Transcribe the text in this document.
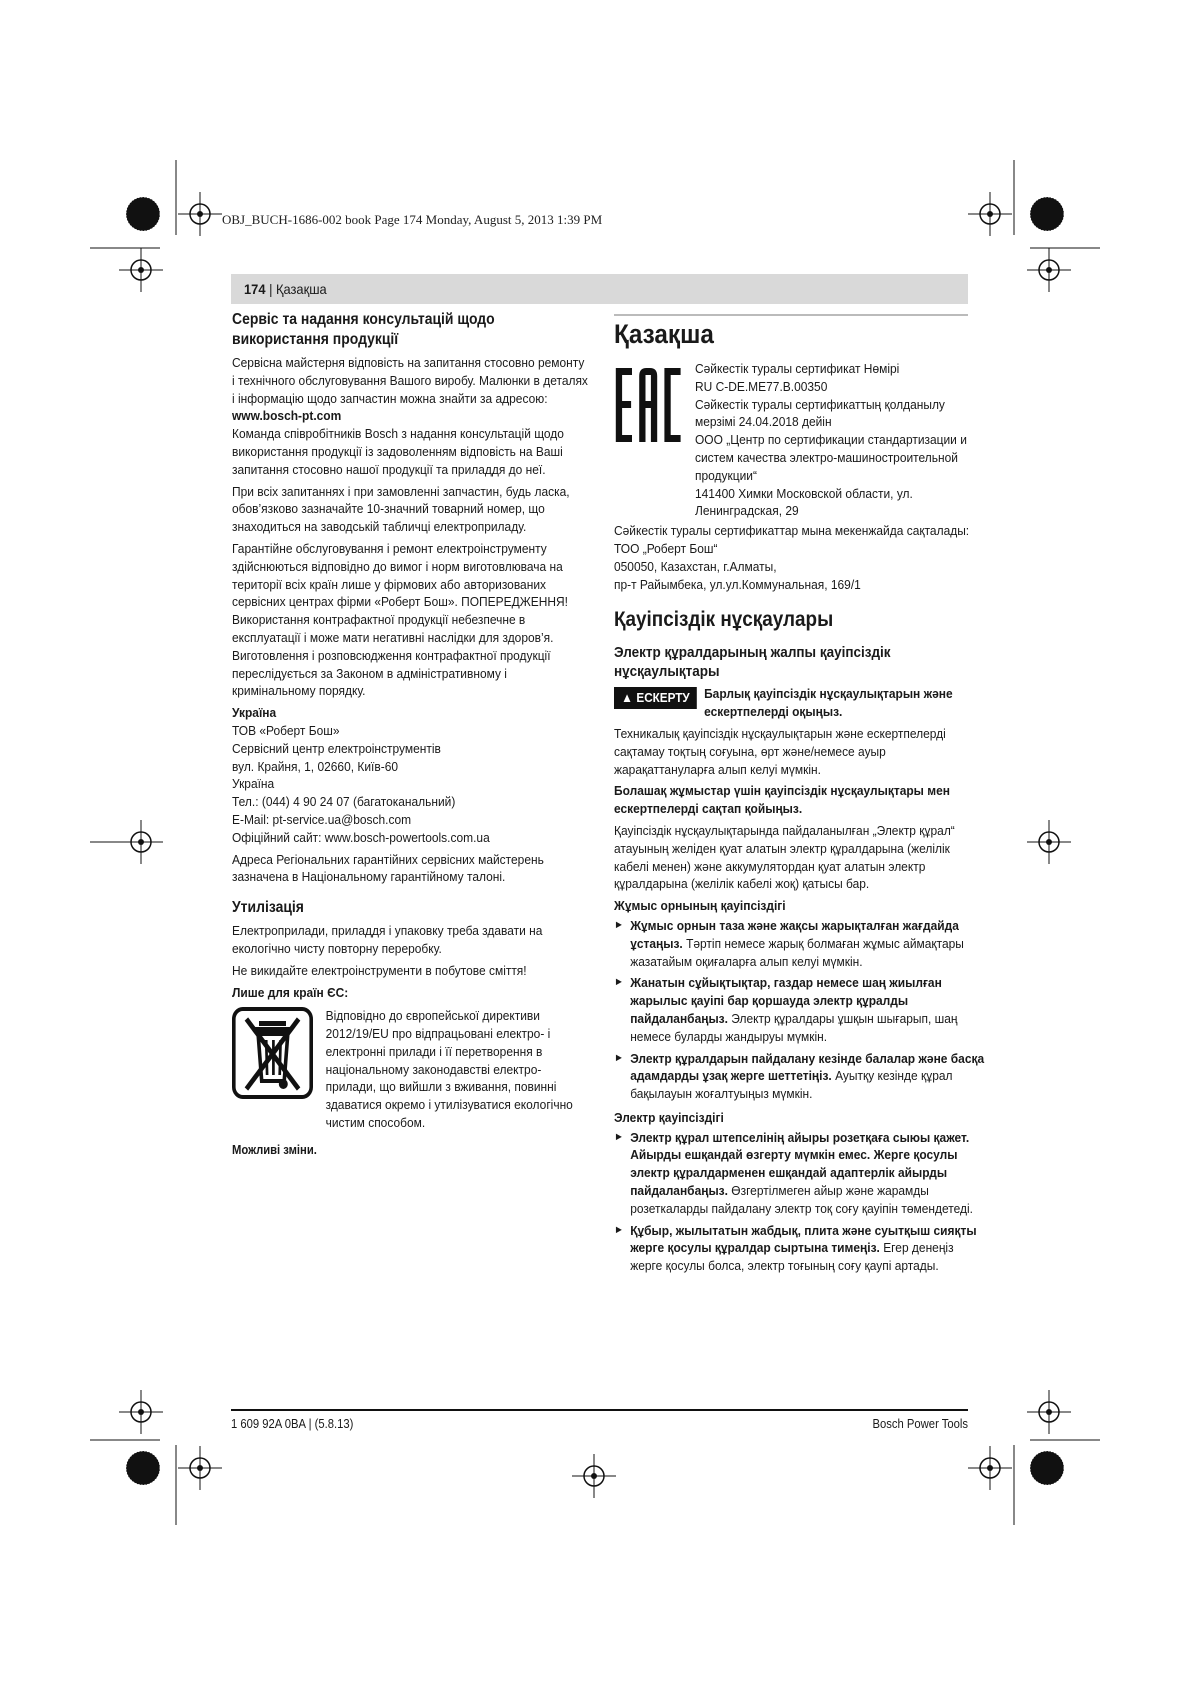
OBJ_BUCH-1686-002 book Page 174 Monday, August 5, 2013 1:39 PM
174 | Қазақша
Сервіс та надання консультацій щодо використання продукції

Сервісна майстерня відповість на запитання стосовно ремонту і технічного обслуговування Вашого виробу. Малюнки в деталях і інформацію щодо запчастин можна знайти за адресою:

www.bosch-pt.com

Команда співробітників Bosch з надання консультацій щодо використання продукції із задоволенням відповість на Ваші запитання стосовно нашої продукції та приладдя до неї.

При всіх запитаннях і при замовленні запчастин, будь ласка, обов’язково зазначайте 10-значний товарний номер, що знаходиться на заводській табличці електроприладу.

Гарантійне обслуговування і ремонт електроінструменту здійснюються відповідно до вимог і норм виготовлювача на території всіх країн лише у фірмових або авторизованих сервісних центрах фірми «Роберт Бош». ПОПЕРЕДЖЕННЯ! Використання контрафактної продукції небезпечне в експлуатації і може мати негативні наслідки для здоров’я. Виготовлення і розповсюдження контрафактної продукції переслідується за Законом в адміністративному і кримінальному порядку.

Україна

ТОВ «Роберт Бош»
Сервісний центр електроінструментів
вул. Крайня, 1, 02660, Київ-60
Україна
Тел.: (044) 4 90 24 07 (багатоканальний)
E-Mail: pt-service.ua@bosch.com
Офіційний сайт: www.bosch-powertools.com.ua

Адреса Регіональних гарантійних сервісних майстерень зазначена в Національному гарантійному талоні.

Утилізація

Електроприлади, приладдя і упаковку треба здавати на екологічно чисту повторну переробку.

Не викидайте електроінструменти в побутове сміття!

Лише для країн ЄС:

Відповідно до європейської директиви 2012/19/EU про відпрацьовані електро- і електронні прилади і її перетворення в національному законодавстві електро-прилади, що вийшли з вживання, повинні здаватися окремо і утилізуватися екологічно чистим способом.

Можливі зміни.

Қазақша
Сәйкестік туралы сертификат Нөмірі
RU C-DE.ME77.B.00350
Сәйкестік туралы сертификаттың қолданылу мерзімі 24.04.2018 дейін
ООО „Центр по сертификации стандартизации и систем качества электро-машиностроительной продукции“
141400 Химки Московской области, ул. Ленинградская, 29
Сәйкестік туралы сертификаттар мына мекенжайда сақталады:
ТОО „Роберт Бош“
050050, Казахстан, г.Алматы,
пр-т Райымбека, ул.ул.Коммунальная, 169/1
Қауіпсіздік нұсқаулары
Электр құралдарының жалпы қауіпсіздік нұсқаулықтары
▲ ЕСКЕРТУ Барлық қауіпсіздік нұсқаулықтарын және ескертпелерді оқыңыз.

Техникалық қауіпсіздік нұсқаулықтарын және ескертпелерді сақтамау тоқтың соғуына, өрт және/немесе ауыр жарақаттануларға алып келуі мүмкін.

Болашақ жұмыстар үшін қауіпсіздік нұсқаулықтары мен ескертпелерді сақтап қойыңыз.

Қауіпсіздік нұсқаулықтарында пайдаланылған „Электр құрал“ атауының желіден қуат алатын электр құралдарына (желілік кабелі менен) және аккумулятордан қуат алатын электр құралдарына (желілік кабелі жоқ) қатысы бар.

Жұмыс орнының қауіпсіздігі

► Жұмыс орнын таза және жақсы жарықталған жағдайда ұстаңыз. Тәртіп немесе жарық болмаған жұмыс аймақтары жазатайым оқиғаларға алып келуі мүмкін.
► Жанатын сұйықтықтар, газдар немесе шаң жиылған жарылыс қауіпі бар қоршауда электр құралды пайдаланбаңыз. Электр құралдары ұшқын шығарып, шаң немесе буларды жандыруы мүмкін.
► Электр құралдарын пайдалану кезінде балалар және басқа адамдарды ұзақ жерге шеттетіңіз. Ауытқу кезінде құрал бақылауын жоғалтуыңыз мүмкін.

Электр қауіпсіздігі

► Электр құрал штепселінің айыры розетқаға сыюы қажет. Айырды ешқандай өзгерту мүмкін емес. Жерге қосулы электр құралдарменен ешқандай адаптерлік айырды пайдаланбаңыз. Өзгертілмеген айыр және жарамды розеткаларды пайдалану электр тоқ соғу қауіпін төмендетеді.
► Құбыр, жылытатын жабдық, плита және суытқыш сияқты жерге қосулы құралдар сыртына тимеңіз. Егер денеңіз жерге қосулы болса, электр тоғының соғу қаупі артады.
1 609 92A 0BA | (5.8.13)	Bosch Power Tools
